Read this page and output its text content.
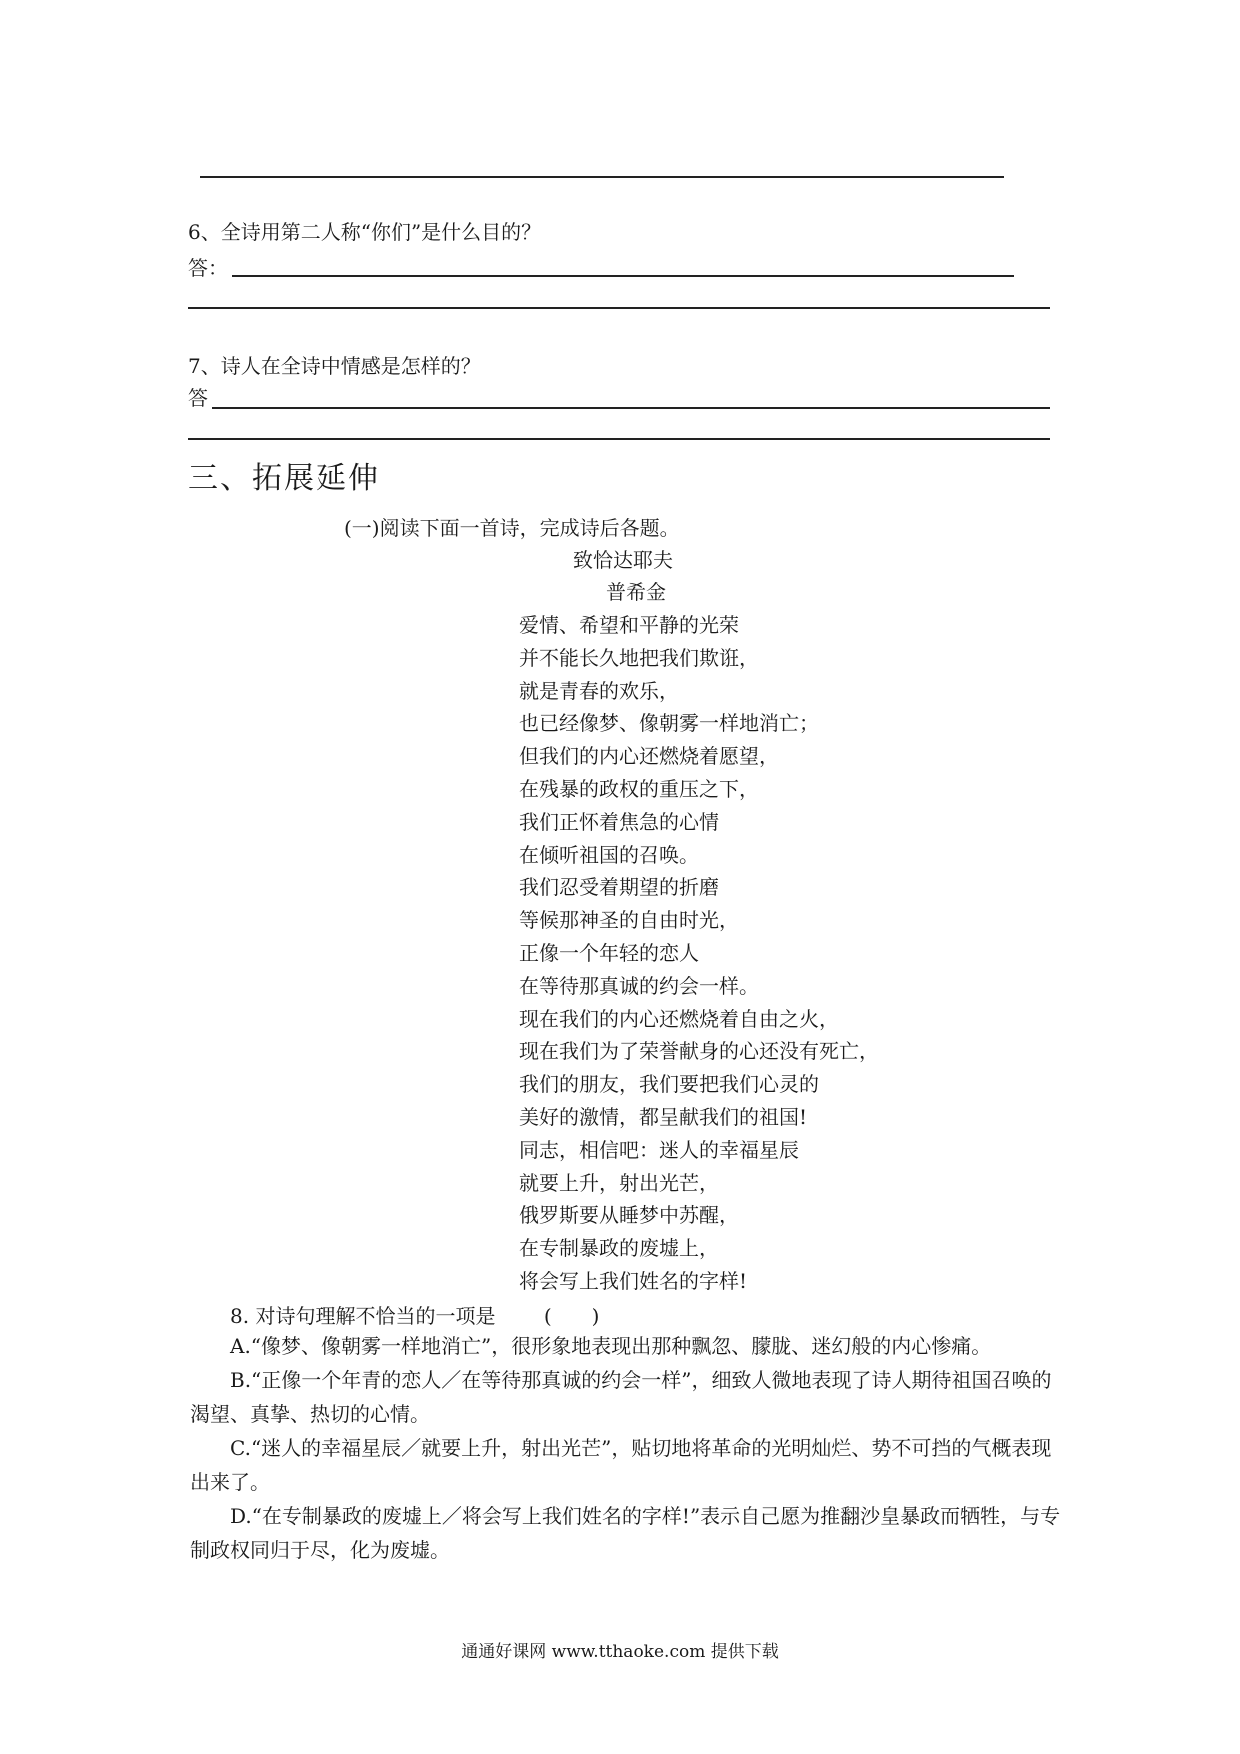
6、全诗用第二人称“你们”是什么目的？
答：
7、诗人在全诗中情感是怎样的？
答
三、拓展延伸
(一)阅读下面一首诗，完成诗后各题。
致恰达耶夫
普希金
爱情、希望和平静的光荣
并不能长久地把我们欺诳，
就是青春的欢乐，
也已经像梦、像朝雾一样地消亡；
但我们的内心还燃烧着愿望，
在残暴的政权的重压之下，
我们正怀着焦急的心情
在倾听祖国的召唤。
我们忍受着期望的折磨
等候那神圣的自由时光，
正像一个年轻的恋人
在等待那真诚的约会一样。
现在我们的内心还燃烧着自由之火，
现在我们为了荣誉献身的心还没有死亡，
我们的朋友，我们要把我们心灵的
美好的激情，都呈献我们的祖国!
同志，相信吧：迷人的幸福星辰
就要上升，射出光芒，
俄罗斯要从睡梦中苏醒，
在专制暴政的废墟上，
将会写上我们姓名的字样!
8. 对诗句理解不恰当的一项是 (　　)
A.“像梦、像朝雾一样地消亡”，很形象地表现出那种飘忽、朦胧、迷幻般的内心惨痛。
B.“正像一个年青的恋人／在等待那真诚的约会一样”，细致人微地表现了诗人期待祖国召唤的渴望、真挚、热切的心情。
C.“迷人的幸福星辰／就要上升，射出光芒”，贴切地将革命的光明灿烂、势不可挡的气概表现出来了。
D.“在专制暴政的废墟上／将会写上我们姓名的字样!”表示自己愿为推翻沙皇暴政而牺牲，与专制政权同归于尽，化为废墟。
通通好课网 www.tthaoke.com 提供下载
